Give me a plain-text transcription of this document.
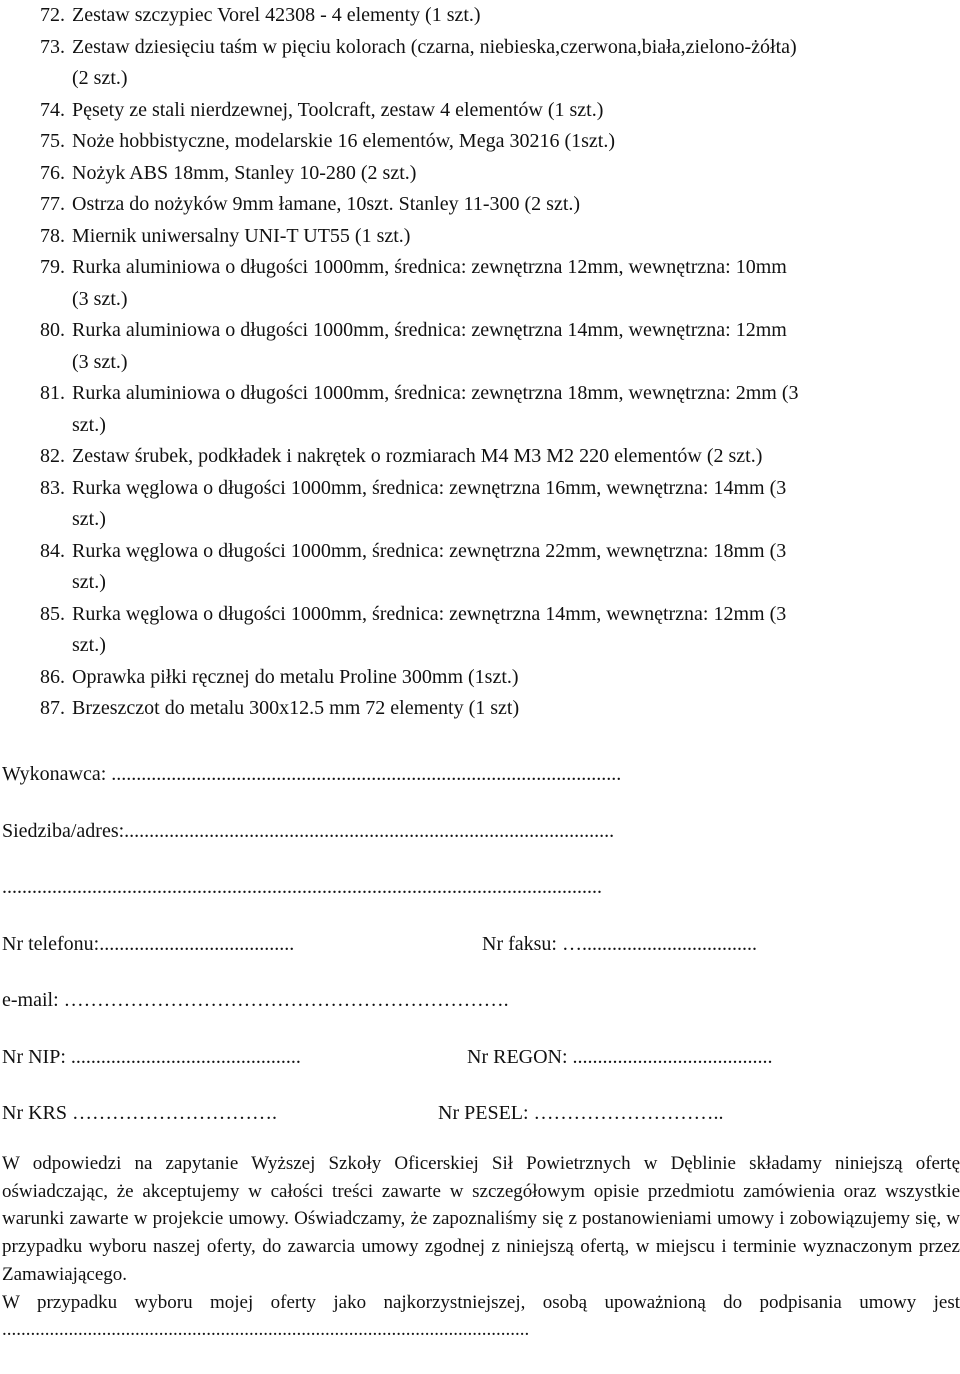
72. Zestaw szczypiec Vorel 42308 - 4 elementy (1 szt.)
73. Zestaw dziesięciu taśm w pięciu kolorach (czarna, niebieska,czerwona,biała,zielono-żółta)
(2 szt.)
74. Pęsety ze stali nierdzewnej, Toolcraft, zestaw 4 elementów (1 szt.)
75. Noże hobbistyczne, modelarskie 16 elementów, Mega 30216 (1szt.)
76. Nożyk ABS 18mm, Stanley 10-280 (2 szt.)
77. Ostrza do nożyków 9mm łamane, 10szt. Stanley 11-300 (2 szt.)
78. Miernik uniwersalny UNI-T UT55 (1 szt.)
79. Rurka aluminiowa o długości 1000mm, średnica: zewnętrzna 12mm, wewnętrzna: 10mm
(3 szt.)
80. Rurka aluminiowa o długości 1000mm, średnica: zewnętrzna 14mm, wewnętrzna: 12mm
(3 szt.)
81. Rurka aluminiowa o długości 1000mm, średnica: zewnętrzna 18mm, wewnętrzna: 2mm (3
szt.)
82. Zestaw śrubek, podkładek i nakrętek o rozmiarach M4 M3 M2 220 elementów (2 szt.)
83. Rurka węglowa o długości 1000mm, średnica: zewnętrzna 16mm, wewnętrzna: 14mm (3
szt.)
84. Rurka węglowa o długości 1000mm, średnica: zewnętrzna 22mm, wewnętrzna: 18mm (3
szt.)
85. Rurka węglowa o długości 1000mm, średnica: zewnętrzna 14mm, wewnętrzna: 12mm (3
szt.)
86. Oprawka piłki ręcznej do metalu Proline 300mm (1szt.)
87. Brzeszczot do metalu 300x12.5 mm 72 elementy (1 szt)
Wykonawca: ......................................................................................................
Siedziba/adres:..................................................................................................
........................................................................................................................
Nr telefonu:.......................................	Nr faksu: …...................................
e-mail: ………………………………………………………….
Nr NIP: ..............................................	Nr REGON: ........................................
Nr KRS ………………………….	Nr PESEL: ………………………..

W odpowiedzi na zapytanie Wyższej Szkoły Oficerskiej Sił Powietrznych w Dęblinie składamy niniejszą ofertę oświadczając, że akceptujemy w całości treści zawarte w szczegółowym opisie przedmiotu zamówienia oraz wszystkie warunki zawarte w projekcie umowy. Oświadczamy, że zapoznaliśmy się z postanowieniami umowy i zobowiązujemy się, w przypadku wyboru naszej oferty, do zawarcia umowy zgodnej z niniejszą ofertą, w miejscu i terminie wyznaczonym przez Zamawiającego.

W przypadku wyboru mojej oferty jako najkorzystniejszej, osobą upoważnioną do podpisania umowy jest ...............................................................................................................
